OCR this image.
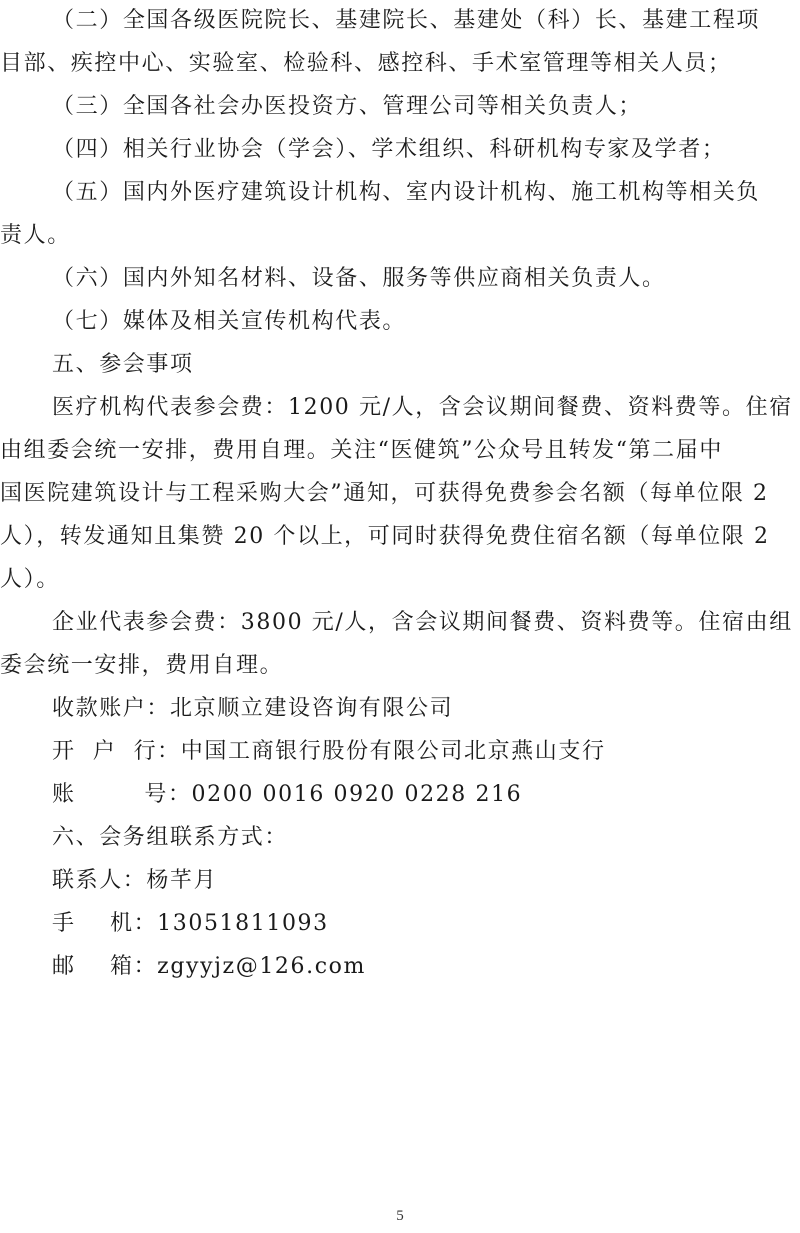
（二）全国各级医院院长、基建院长、基建处（科）长、基建工程项
目部、疾控中心、实验室、检验科、感控科、手术室管理等相关人员；
（三）全国各社会办医投资方、管理公司等相关负责人；
（四）相关行业协会（学会）、学术组织、科研机构专家及学者；
（五）国内外医疗建筑设计机构、室内设计机构、施工机构等相关负
责人。
（六）国内外知名材料、设备、服务等供应商相关负责人。
（七）媒体及相关宣传机构代表。
五、参会事项
医疗机构代表参会费：1200 元/人，含会议期间餐费、资料费等。住宿
由组委会统一安排，费用自理。关注“医健筑”公众号且转发“第二届中
国医院建筑设计与工程采购大会”通知，可获得免费参会名额（每单位限 2
人），转发通知且集赞 20 个以上，可同时获得免费住宿名额（每单位限 2
人）。
企业代表参会费：3800 元/人，含会议期间餐费、资料费等。住宿由组
委会统一安排，费用自理。
收款账户：北京顺立建设咨询有限公司
开  户  行：中国工商银行股份有限公司北京燕山支行
账        号：0200 0016 0920 0228 216
六、会务组联系方式：
联系人：杨芊月
手    机：13051811093
邮    箱：zgyyjz@126.com
5
